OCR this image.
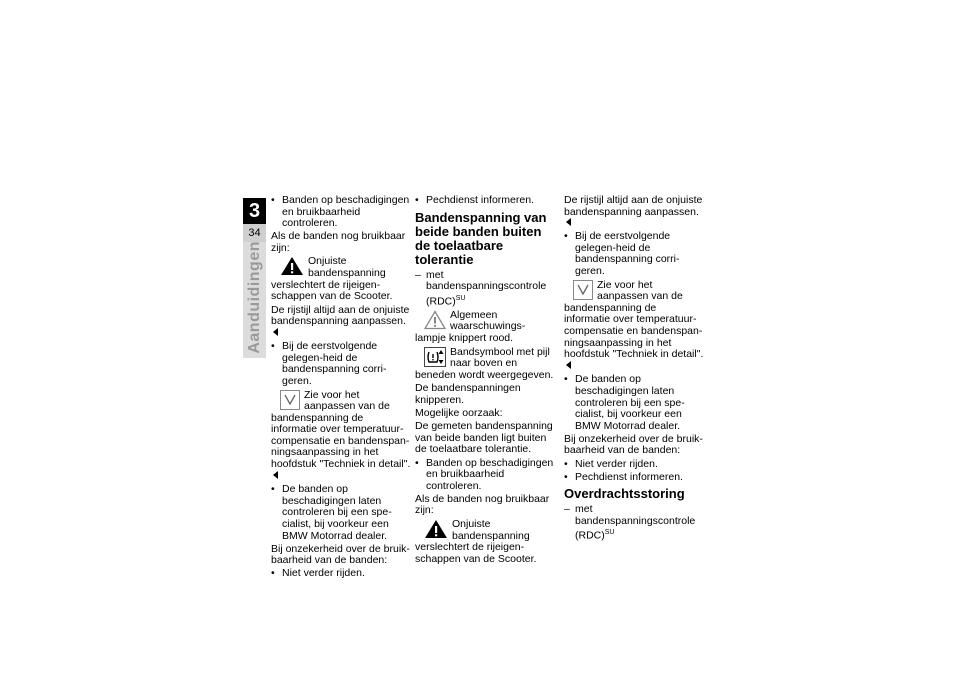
3
34
Aanduidingen

• Banden op beschadigingen en bruikbaarheid controleren.

Als de banden nog bruikbaar zijn:

Onjuiste bandenspanning verslechtert de rijeigen-schappen van de Scooter.

De rijstijl altijd aan de onjuiste bandenspanning aanpassen.

• Bij de eerstvolgende gelegen-heid de bandenspanning corri-geren.

Zie voor het aanpassen van de bandenspanning de informatie over temperatuur-compensatie en bandenspan-ningsaanpassing in het hoofdstuk "Techniek in detail".

• De banden op beschadigingen laten controleren bij een spe-cialist, bij voorkeur een BMW Motorrad dealer.

Bij onzekerheid over de bruik-baarheid van de banden:

• Niet verder rijden.

• Pechdienst informeren.

Bandenspanning van beide banden buiten de toelaatbare tolerantie

– met bandenspanningscontrole (RDC)$^{SU}$

Algemeen waarschuwings-lampje knippert rood.
Bandsymbool met pijl naar boven en beneden wordt weergegeven.

De bandenspanningen knipperen.

Mogelijke oorzaak:

De gemeten bandenspanning van beide banden ligt buiten de toelaatbare tolerantie.

• Banden op beschadigingen en bruikbaarheid controleren.

Als de banden nog bruikbaar zijn:

Onjuiste bandenspanning verslechtert de rijeigen-schappen van de Scooter.

De rijstijl altijd aan de onjuiste bandenspanning aanpassen.

• Bij de eerstvolgende gelegen-heid de bandenspanning corri-geren.

Zie voor het aanpassen van de bandenspanning de informatie over temperatuur-compensatie en bandenspan-ningsaanpassing in het hoofdstuk "Techniek in detail".

• De banden op beschadigingen laten controleren bij een spe-cialist, bij voorkeur een BMW Motorrad dealer.

Bij onzekerheid over de bruik-baarheid van de banden:

• Niet verder rijden.

• Pechdienst informeren.

Overdrachtsstoring

– met bandenspanningscontrole (RDC)$^{SU}$
